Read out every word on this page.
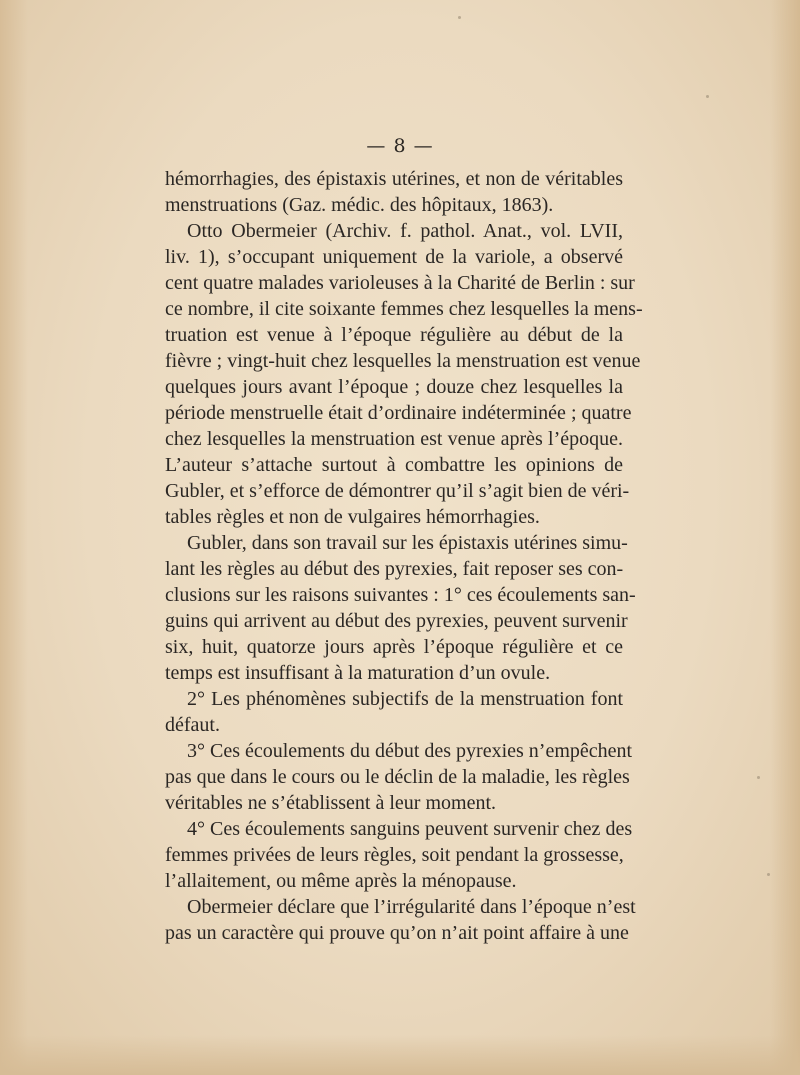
— 8 —
hémorrhagies, des épistaxis utérines, et non de véritables
menstruations (Gaz. médic. des hôpitaux, 1863).
Otto Obermeier (Archiv. f. pathol. Anat., vol. LVII,
liv. 1), s’occupant uniquement de la variole, a observé
cent quatre malades varioleuses à la Charité de Berlin : sur
ce nombre, il cite soixante femmes chez lesquelles la mens-
truation est venue à l’époque régulière au début de la
fièvre ; vingt-huit chez lesquelles la menstruation est venue
quelques jours avant l’époque ; douze chez lesquelles la
période menstruelle était d’ordinaire indéterminée ; quatre
chez lesquelles la menstruation est venue après l’époque.
L’auteur s’attache surtout à combattre les opinions de
Gubler, et s’efforce de démontrer qu’il s’agit bien de véri-
tables règles et non de vulgaires hémorrhagies.
Gubler, dans son travail sur les épistaxis utérines simu-
lant les règles au début des pyrexies, fait reposer ses con-
clusions sur les raisons suivantes : 1° ces écoulements san-
guins qui arrivent au début des pyrexies, peuvent survenir
six, huit, quatorze jours après l’époque régulière et ce
temps est insuffisant à la maturation d’un ovule.
2° Les phénomènes subjectifs de la menstruation font
défaut.
3° Ces écoulements du début des pyrexies n’empêchent
pas que dans le cours ou le déclin de la maladie, les règles
véritables ne s’établissent à leur moment.
4° Ces écoulements sanguins peuvent survenir chez des
femmes privées de leurs règles, soit pendant la grossesse,
l’allaitement, ou même après la ménopause.
Obermeier déclare que l’irrégularité dans l’époque n’est
pas un caractère qui prouve qu’on n’ait point affaire à une
